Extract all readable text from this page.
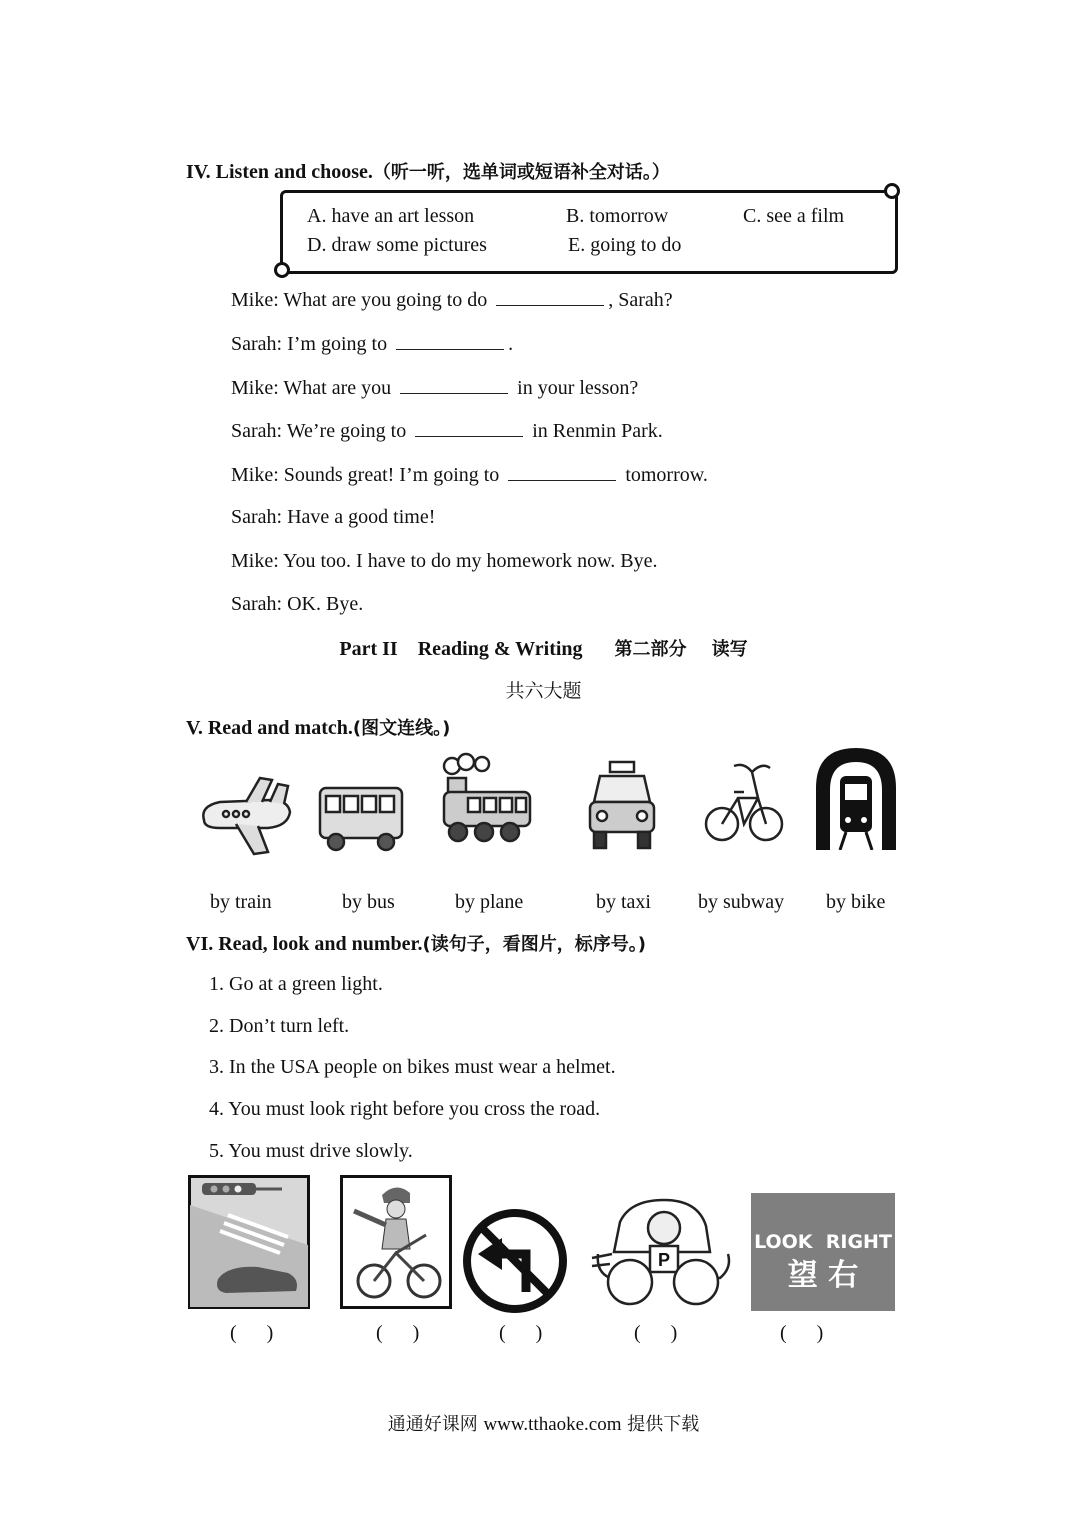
IV. Listen and choose.（听一听，选单词或短语补全对话。）
A. have an art lesson	B. tomorrow	C. see a film
D. draw some pictures	E. going to do
Mike: What are you going to do	, Sarah?
Sarah: I’m going to	.
Mike: What are you	in your lesson?
Sarah: We’re going to	in Renmin Park.
Mike: Sounds great! I’m going to	tomorrow.
Sarah: Have a good time!
Mike: You too. I have to do my homework now. Bye.
Sarah: OK. Bye.
Part II    Reading & Writing 第二部分    读写
共六大题
V. Read and match.(图文连线。)
by train	by bus	by plane	by taxi by subway by bike
VI. Read, look and number.(读句子，看图片，标序号。)
1. Go at a green light.
2. Don’t turn left.
3. In the USA people on bikes must wear a helmet.
4. You must look right before you cross the road.
5. You must drive slowly.
P
LOOK  RIGHT
望 右
(      )	(      )	(      )	(      )	(      )
通通好课网 www.tthaoke.com 提供下载
